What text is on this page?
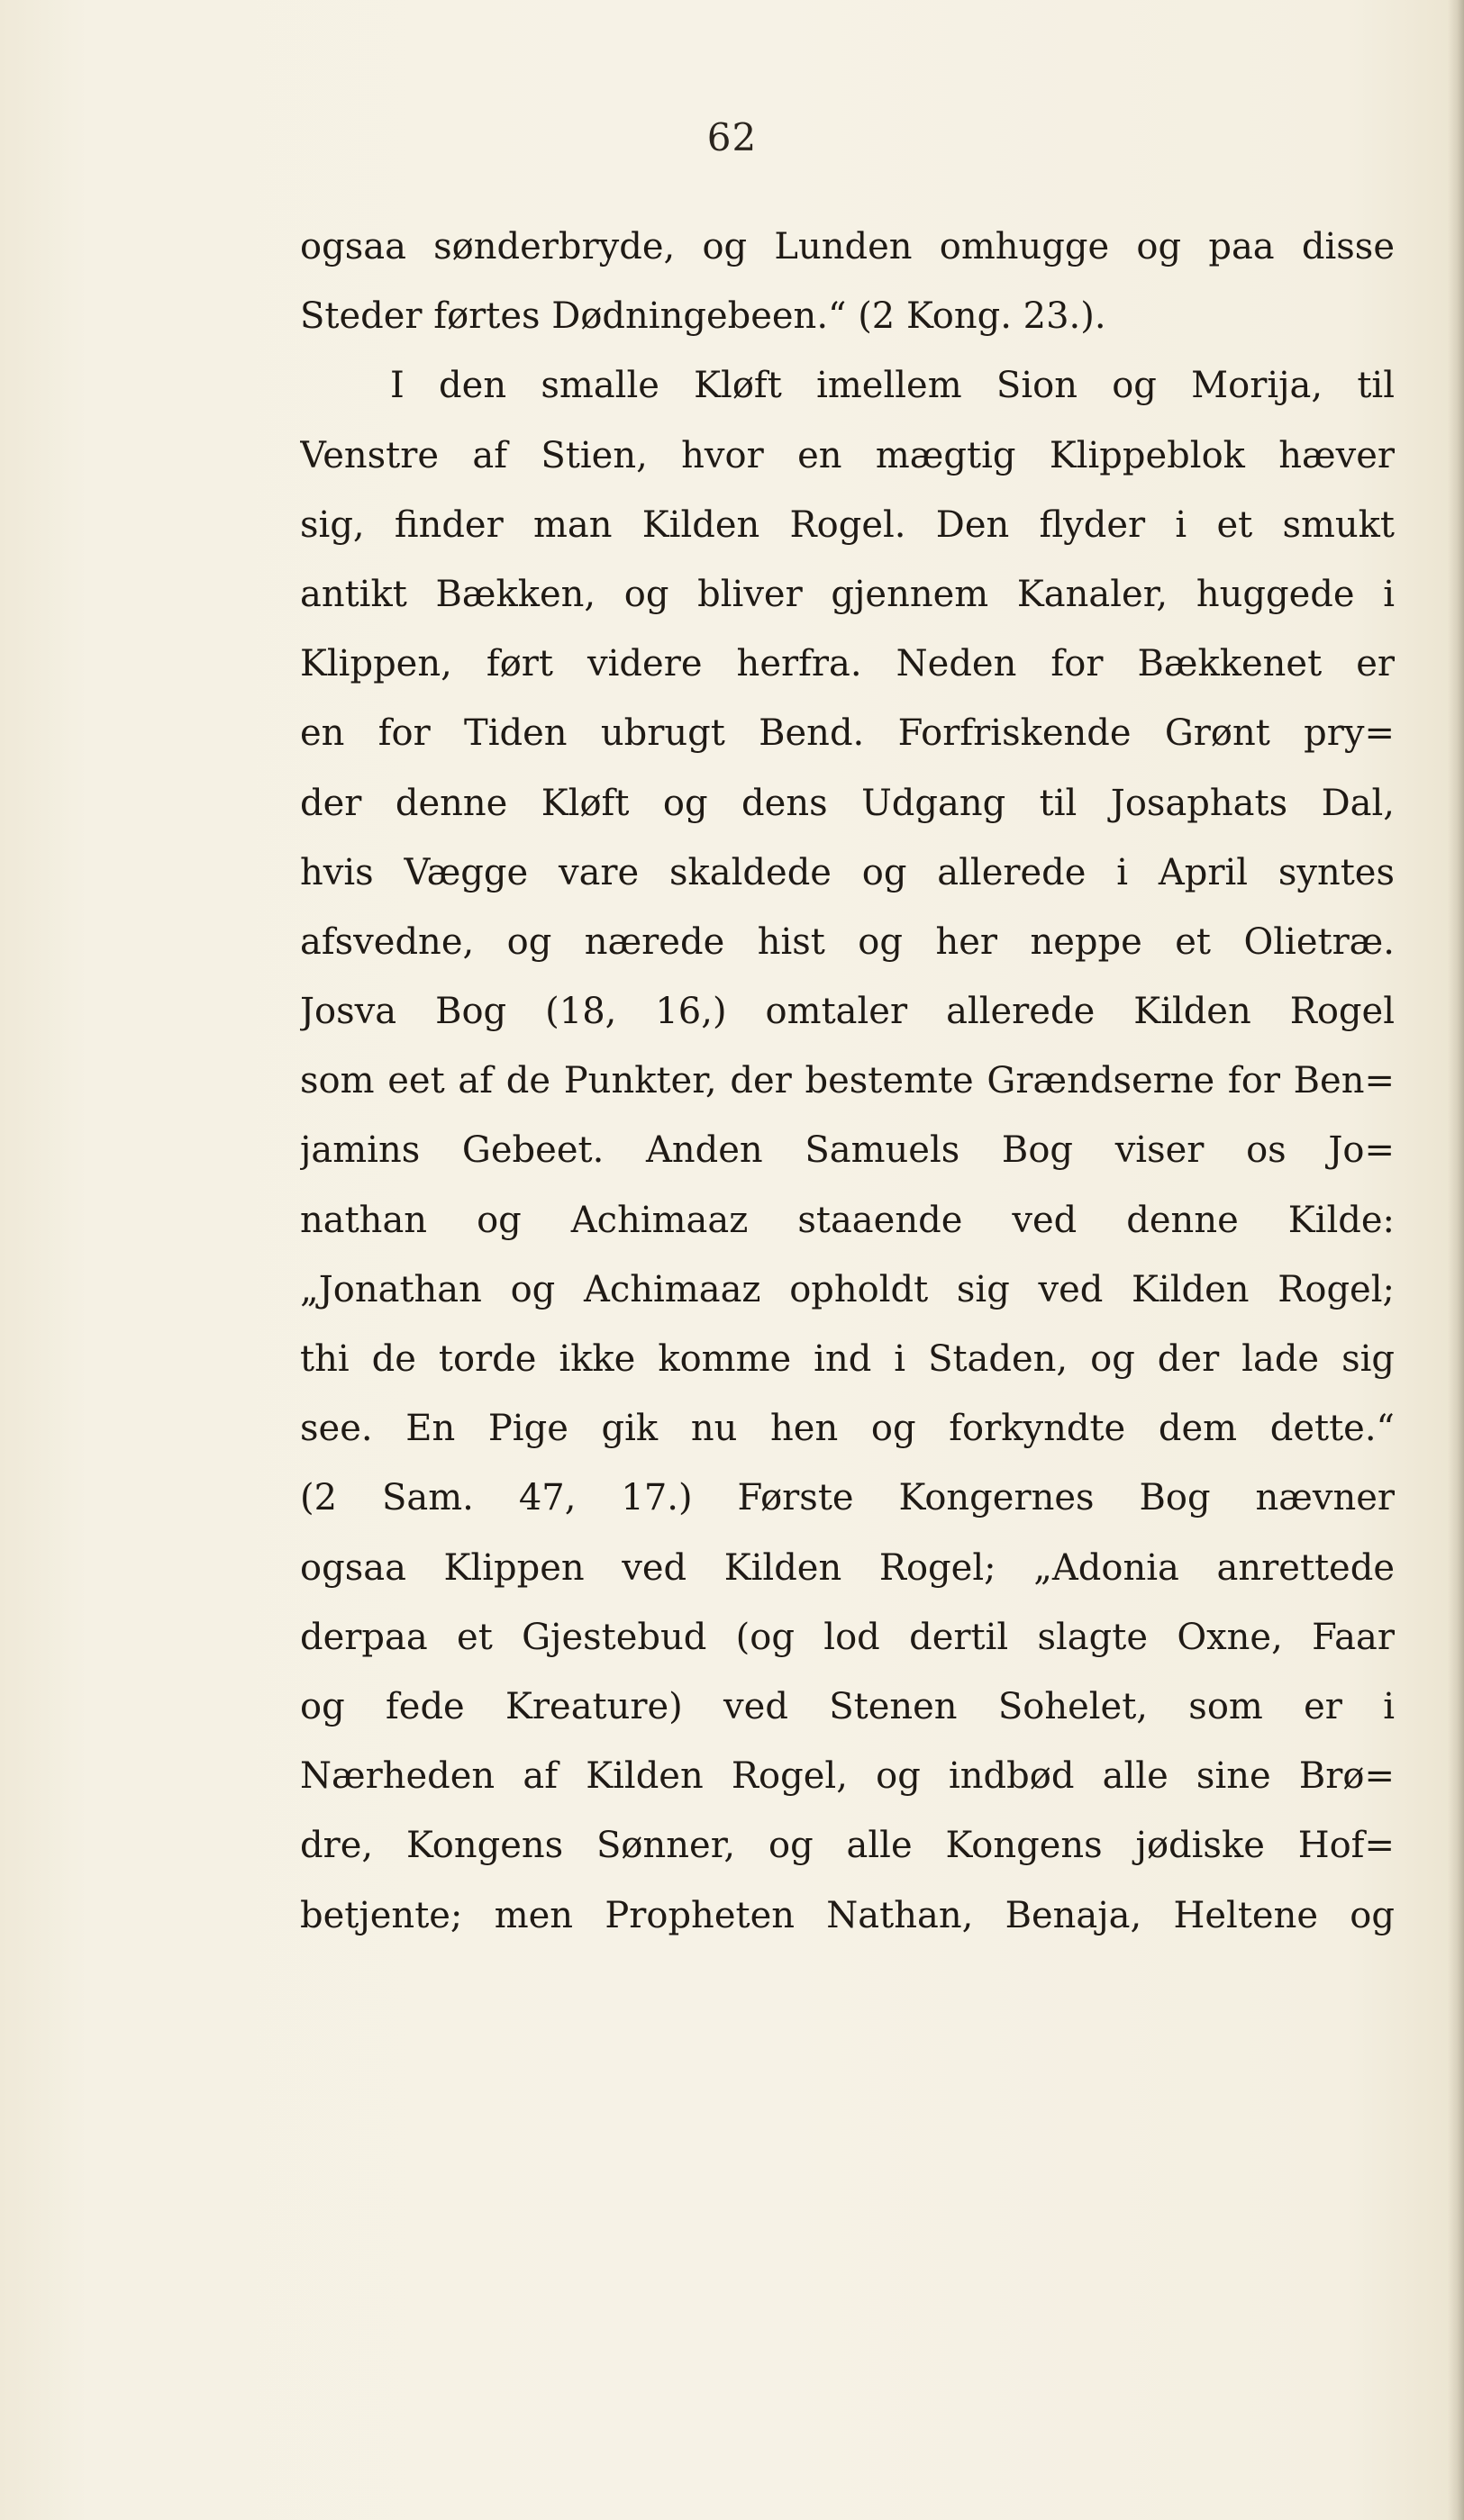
62
ogsaa sønderbryde, og Lunden omhugge og paa disse
Steder førtes Dødningebeen.“ (2 Kong. 23.).
I den smalle Kløft imellem Sion og Morija, til
Venstre af Stien, hvor en mægtig Klippeblok hæver
sig, finder man Kilden Rogel. Den flyder i et smukt
antikt Bækken, og bliver gjennem Kanaler, huggede i
Klippen, ført videre herfra. Neden for Bækkenet er
en for Tiden ubrugt Bend. Forfriskende Grønt pry=
der denne Kløft og dens Udgang til Josaphats Dal,
hvis Vægge vare skaldede og allerede i April syntes
afsvedne, og nærede hist og her neppe et Olietræ.
Josva Bog (18, 16,) omtaler allerede Kilden Rogel
som eet af de Punkter, der bestemte Grændserne for Ben=
jamins Gebeet. Anden Samuels Bog viser os Jo=
nathan og Achimaaz staaende ved denne Kilde:
„Jonathan og Achimaaz opholdt sig ved Kilden Rogel;
thi de torde ikke komme ind i Staden, og der lade sig
see. En Pige gik nu hen og forkyndte dem dette.“
(2 Sam. 47, 17.) Første Kongernes Bog nævner
ogsaa Klippen ved Kilden Rogel; „Adonia anrettede
derpaa et Gjestebud (og lod dertil slagte Oxne, Faar
og fede Kreature) ved Stenen Sohelet, som er i
Nærheden af Kilden Rogel, og indbød alle sine Brø=
dre, Kongens Sønner, og alle Kongens jødiske Hof=
betjente; men Propheten Nathan, Benaja, Heltene og
